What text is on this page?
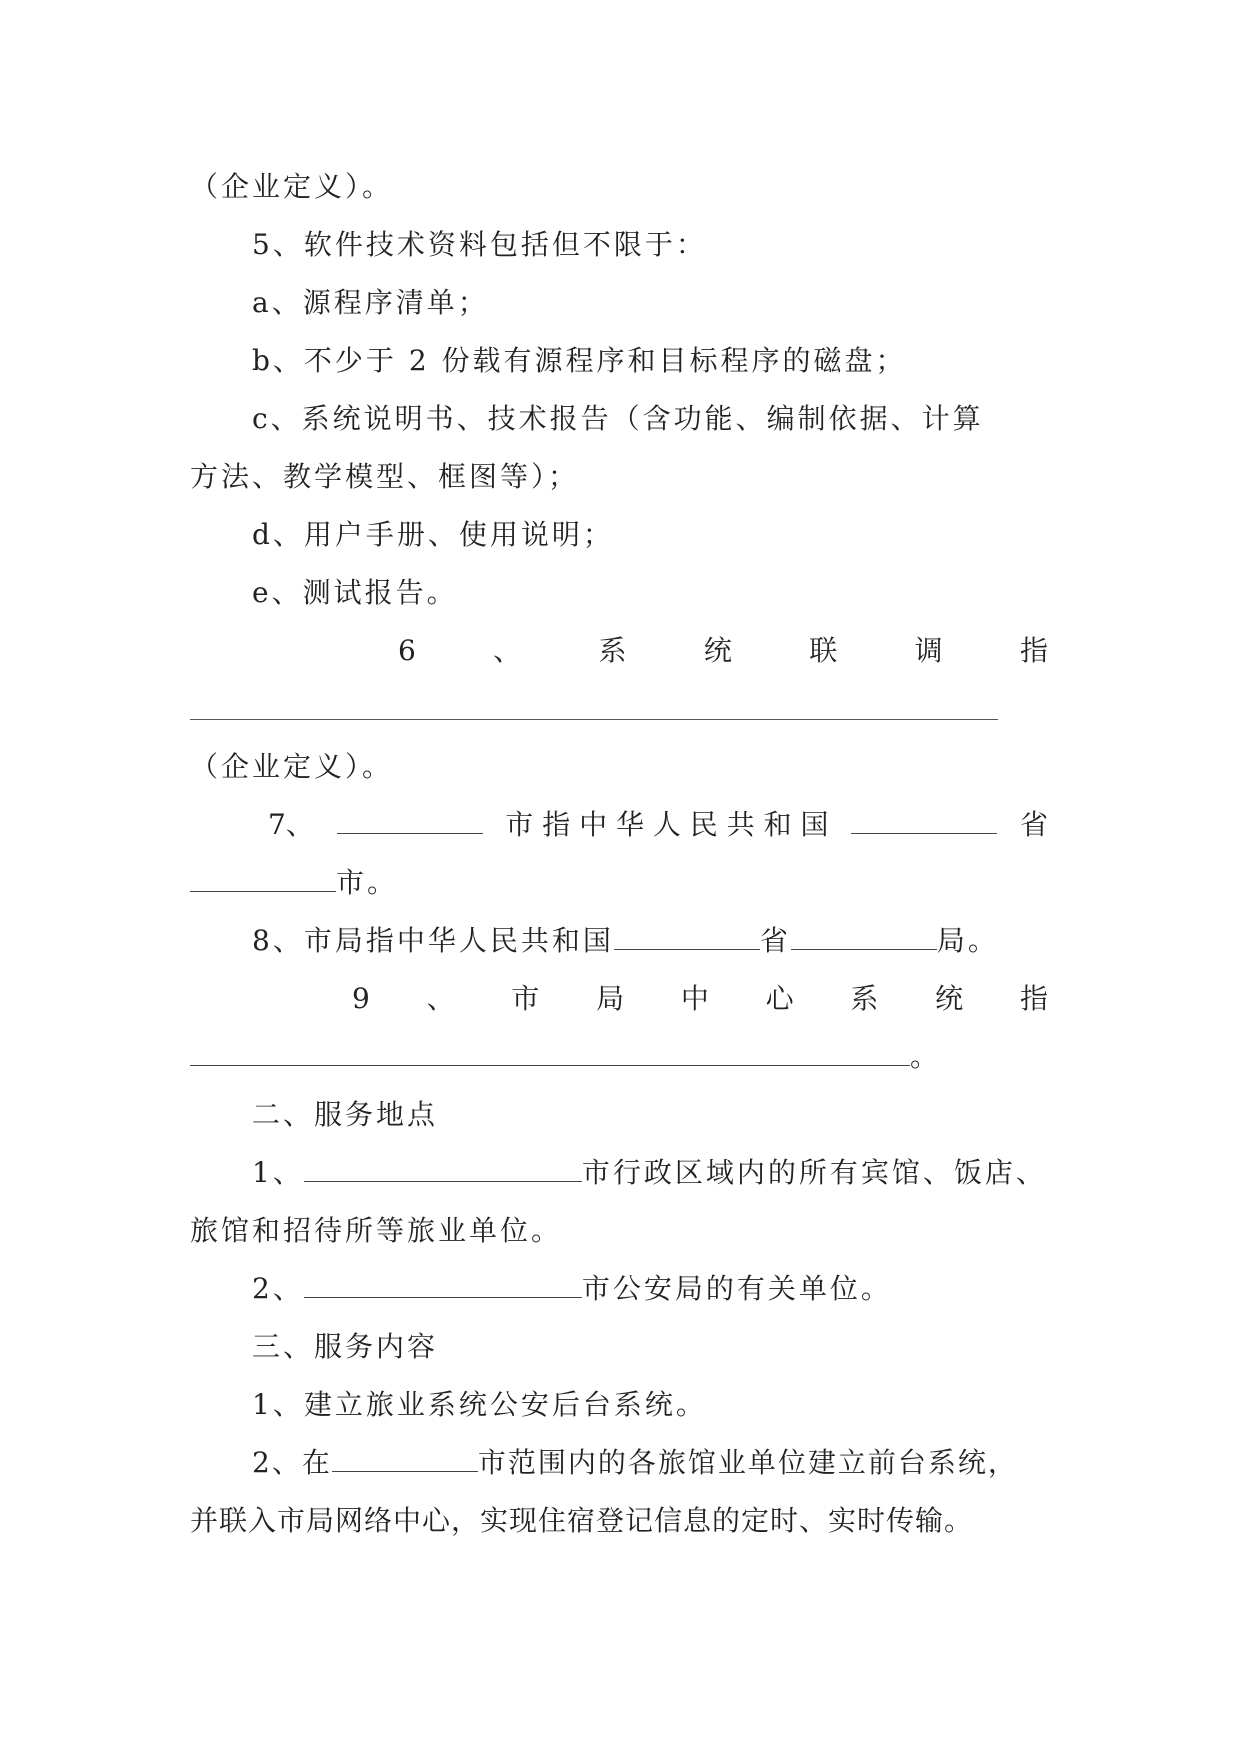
（企业定义）。
5、软件技术资料包括但不限于：
a、源程序清单；
b、不少于 2 份载有源程序和目标程序的磁盘；
c、系统说明书、技术报告（含功能、编制依据、计算
方法、教学模型、框图等）；
d、用户手册、使用说明；
e、测试报告。
6	、	系	统	联	调	指
（企业定义）。
7、	市 指 中 华 人 民 共 和 国	省
市。
8、市局指中华人民共和国	省	局。
9 、 市 局 中 心 系 统 指
。
二、服务地点
1、	市行政区域内的所有宾馆、饭店、
旅馆和招待所等旅业单位。
2、	市公安局的有关单位。
三、服务内容
1、建立旅业系统公安后台系统。
2、在	市范围内的各旅馆业单位建立前台系统，
并联入市局网络中心，实现住宿登记信息的定时、实时传输。
